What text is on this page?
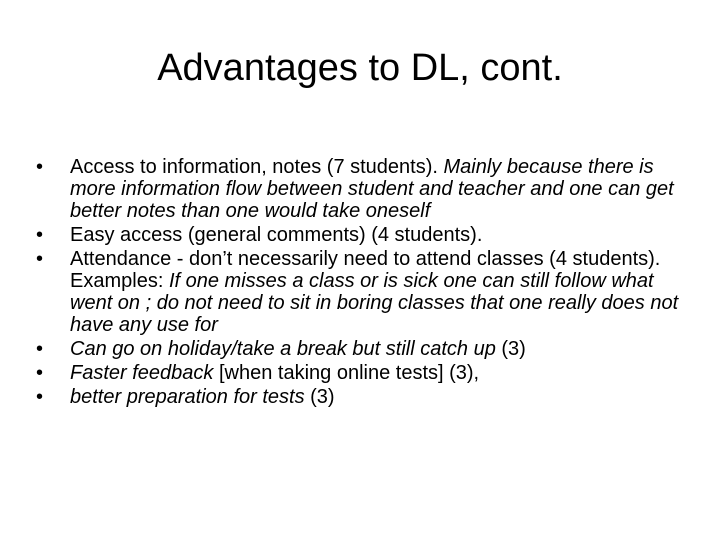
Advantages to DL, cont.
•	Access to information, notes (7 students). Mainly because there is more information flow between student and teacher and one can get better notes than one would take oneself
•	Easy access (general comments) (4 students).
•	Attendance - don’t necessarily need to attend classes (4 students). Examples: If one misses a class or is sick one can still follow what went on ; do not need to sit in boring classes that one really does not have any use for
•	Can go on holiday/take a break but still catch up (3)
•	Faster feedback [when taking online tests] (3),
•	better preparation for tests (3)
